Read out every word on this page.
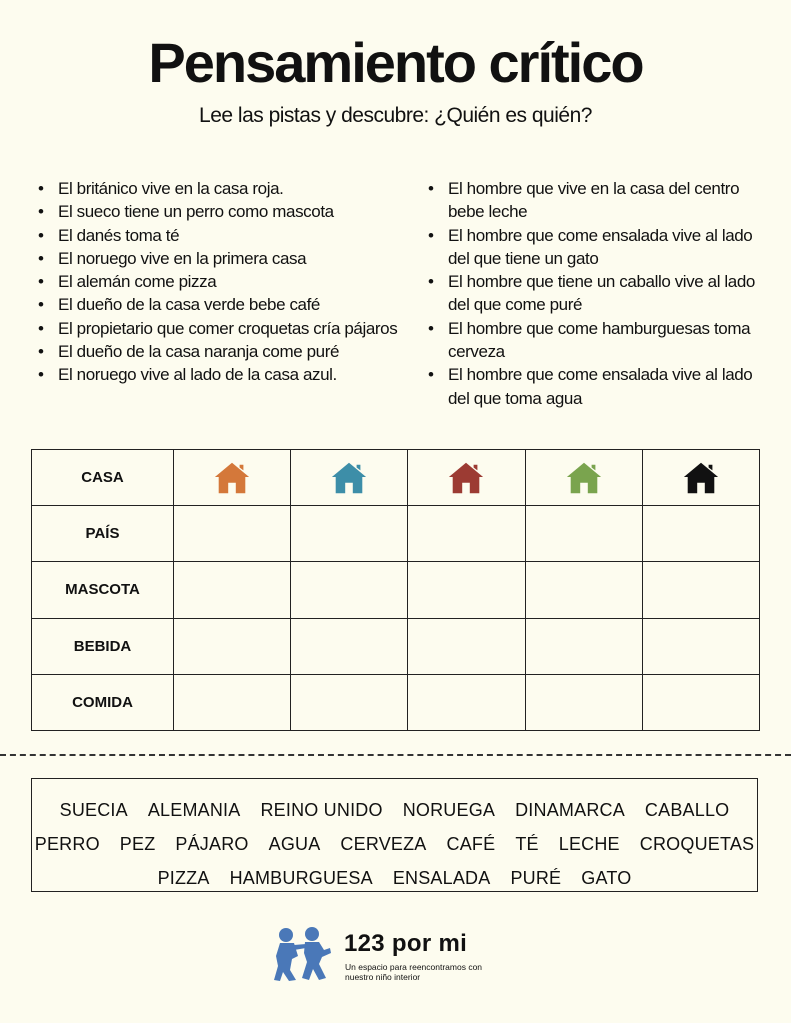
Pensamiento crítico
Lee las pistas y descubre: ¿Quién es quién?
• El británico vive en la casa roja.
• El sueco tiene un perro como mascota
• El danés toma té
• El noruego vive en la primera casa
• El alemán come pizza
• El dueño de la casa verde bebe café
• El propietario que comer croquetas cría pájaros
• El dueño de la casa naranja come puré
• El noruego vive al lado de la casa azul.
• El hombre que vive en la casa del centro bebe leche
• El hombre que come ensalada vive al lado del que tiene un gato
• El hombre que tiene un caballo vive al lado del que come puré
• El hombre que come hamburguesas toma cerveza
• El hombre que come ensalada vive al lado del que toma agua
CASA	

PAÍS					
MASCOTA					
BEBIDA					
COMIDA					
SUECIA ALEMANIA REINO UNIDO NORUEGA DINAMARCA CABALLO
PERRO PEZ PÁJARO AGUA CERVEZA CAFÉ TÉ LECHE CROQUETAS
PIZZA HAMBURGUESA ENSALADA PURÉ GATO
123 por mi
Un espacio para reencontramos con nuestro niño interior
